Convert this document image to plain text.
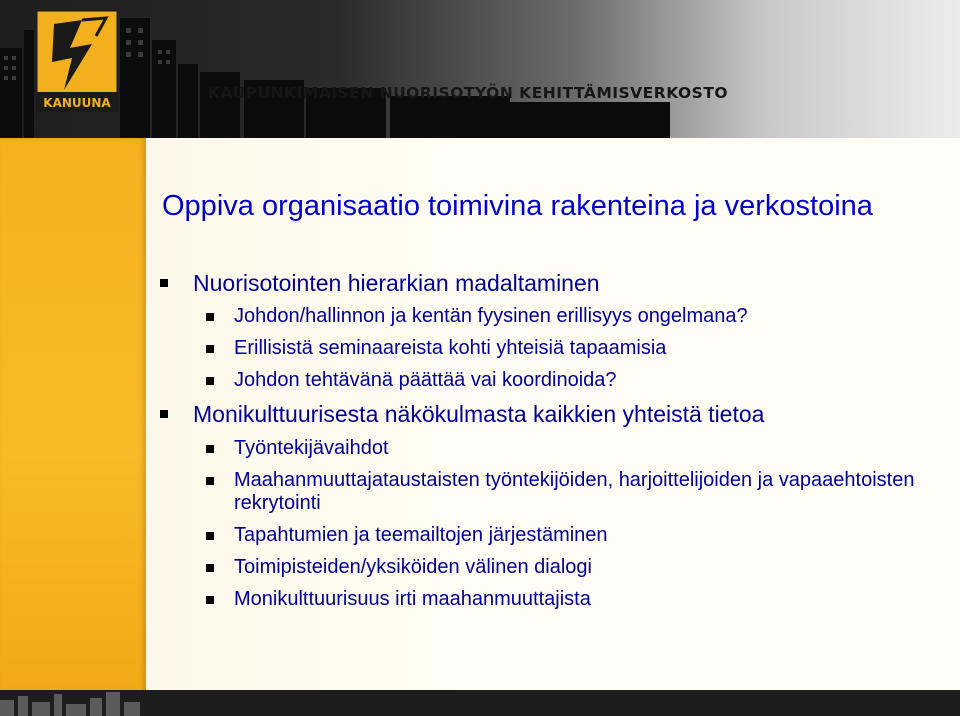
KANUUNA
KAUPUNKIMAISEN NUORISOTYÖN KEHITTÄMISVERKOSTO
Oppiva organisaatio toimivina rakenteina ja verkostoina
Nuorisotointen hierarkian madaltaminen
Johdon/hallinnon ja kentän fyysinen erillisyys ongelmana?
Erillisistä seminaareista kohti yhteisiä tapaamisia
Johdon tehtävänä päättää vai koordinoida?
Monikulttuurisesta näkökulmasta kaikkien yhteistä tietoa
Työntekijävaihdot
Maahanmuuttajataustaisten työntekijöiden, harjoittelijoiden ja vapaaehtoisten rekrytointi
Tapahtumien ja teemailtojen järjestäminen
Toimipisteiden/yksiköiden välinen dialogi
Monikulttuurisuus irti maahanmuuttajista
